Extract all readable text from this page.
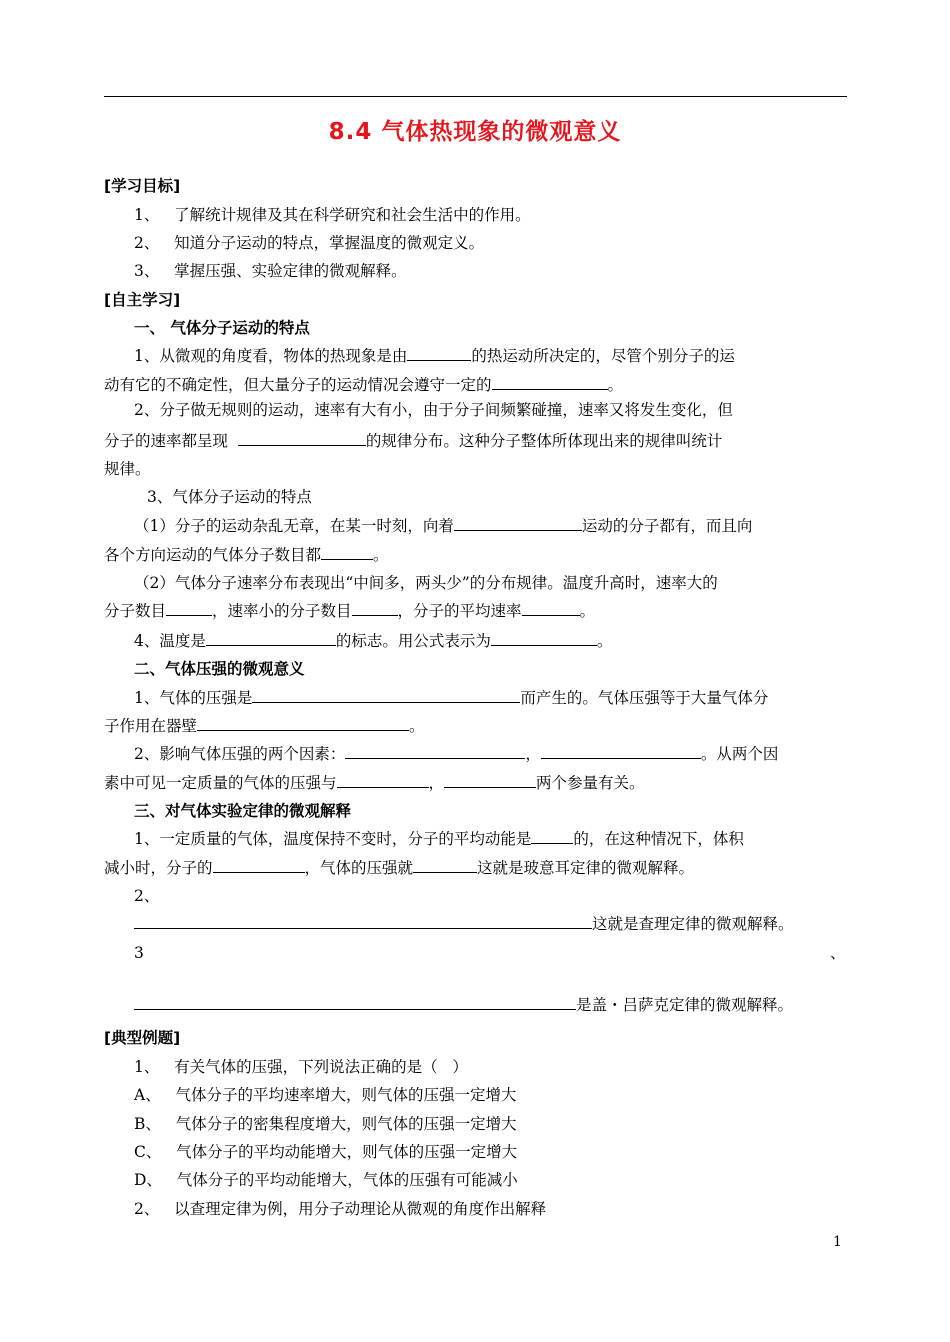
8.4 气体热现象的微观意义
[学习目标]
1、   了解统计规律及其在科学研究和社会生活中的作用。
2、   知道分子运动的特点，掌握温度的微观定义。
3、   掌握压强、实验定律的微观解释。
[自主学习]
一、 气体分子运动的特点
1、从微观的角度看，物体的热现象是由	的热运动所决定的，尽管个别分子的运
动有它的不确定性，但大量分子的运动情况会遵守一定的	。
2、分子做无规则的运动，速率有大有小，由于分子间频繁碰撞，速率又将发生变化，但
分子的速率都呈现	的规律分布。这种分子整体所体现出来的规律叫统计
规律。
3、气体分子运动的特点
（1）分子的运动杂乱无章，在某一时刻，向着	运动的分子都有，而且向
各个方向运动的气体分子数目都	。
（2）气体分子速率分布表现出“中间多，两头少”的分布规律。温度升高时，速率大的
分子数目	，速率小的分子数目	，分子的平均速率	。
4、温度是	的标志。用公式表示为	。
二、气体压强的微观意义
1、气体的压强是	而产生的。气体压强等于大量气体分
子作用在器壁	。
2、影响气体压强的两个因素：	，	。从两个因
素中可见一定质量的气体的压强与	，	两个参量有关。
三、对气体实验定律的微观解释
1、一定质量的气体，温度保持不变时，分子的平均动能是	的，在这种情况下，体积
减小时，分子的	，气体的压强就	这就是玻意耳定律的微观解释。
2、
这就是查理定律的微观解释。
3	、
是盖・吕萨克定律的微观解释。
[典型例题]
1、   有关气体的压强，下列说法正确的是（   ）
A、   气体分子的平均速率增大，则气体的压强一定增大
B、   气体分子的密集程度增大，则气体的压强一定增大
C、   气体分子的平均动能增大，则气体的压强一定增大
D、   气体分子的平均动能增大，气体的压强有可能减小
2、   以查理定律为例，用分子动理论从微观的角度作出解释
1
